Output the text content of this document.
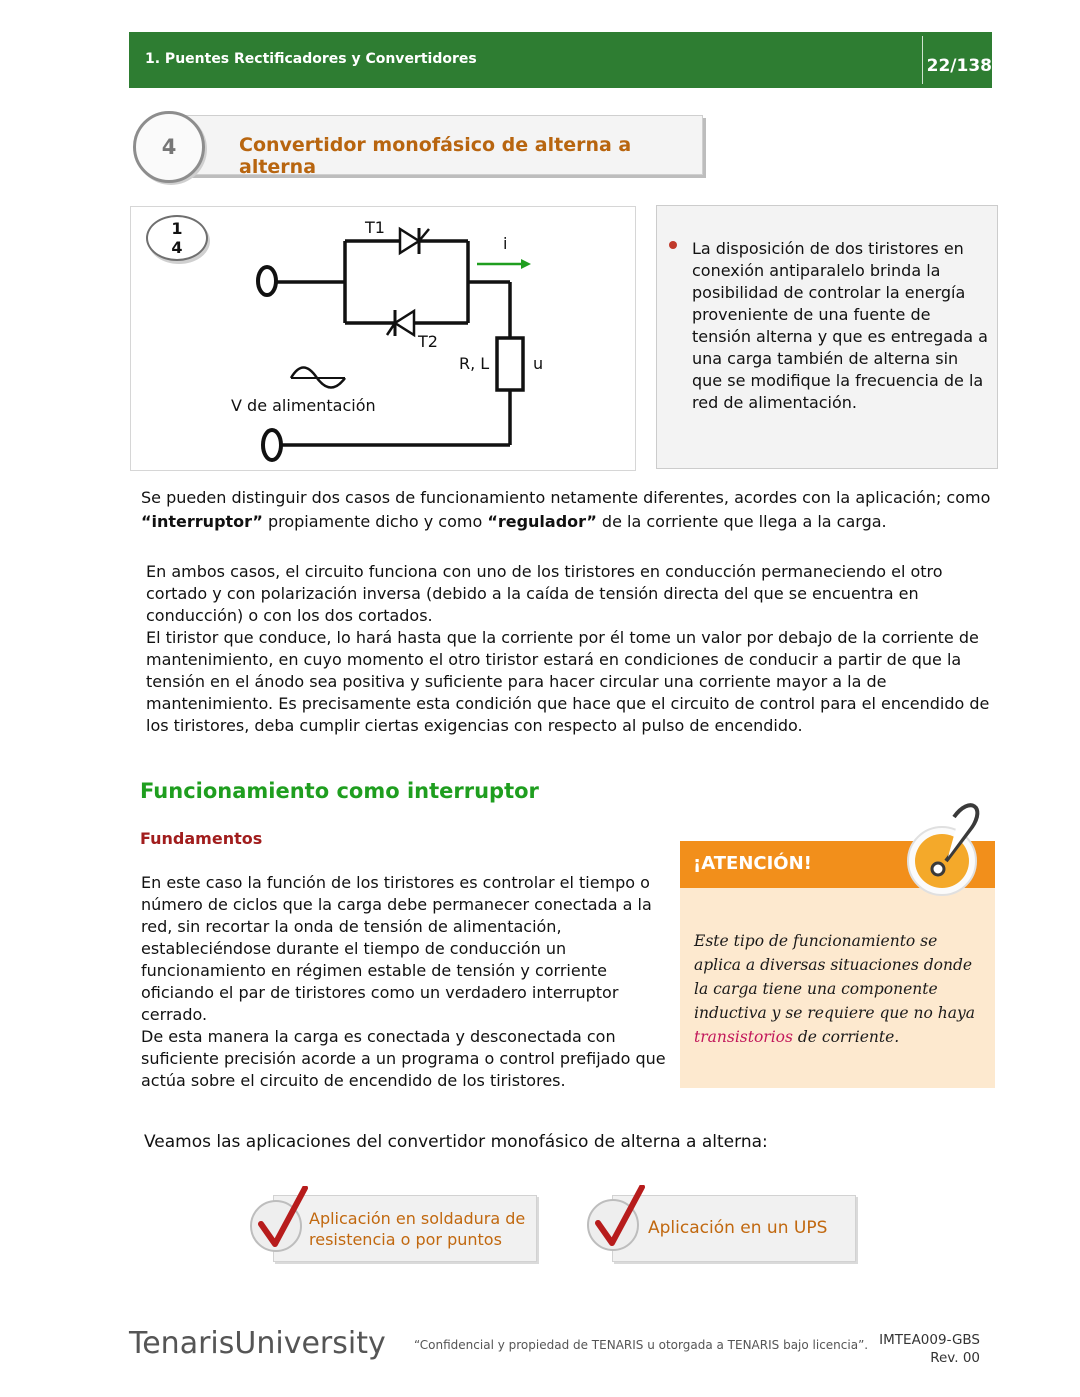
1. Puentes Rectificadores y Convertidores	22/138
Convertidor monofásico de alterna a alterna
4
T1
T2
i
R, L	u
V de alimentación
1
4	La disposición de dos tiristores en conexión antiparalelo brinda la posibilidad de controlar la energía proveniente de una fuente de tensión alterna y que es entregada a una carga también de alterna sin que se modifique la frecuencia de la red de alimentación.
Se pueden distinguir dos casos de funcionamiento netamente diferentes, acordes con la aplicación; como “interruptor” propiamente dicho y como “regulador” de la corriente que llega a la carga.
En ambos casos, el circuito funciona con uno de los tiristores en conducción permaneciendo el otro cortado y con polarización inversa (debido a la caída de tensión directa del que se encuentra en conducción) o con los dos cortados.
El tiristor que conduce, lo hará hasta que la corriente por él tome un valor por debajo de la corriente de mantenimiento, en cuyo momento el otro tiristor estará en condiciones de conducir a partir de que la tensión en el ánodo sea positiva y suficiente para hacer circular una corriente mayor a la de mantenimiento. Es precisamente esta condición que hace que el circuito de control para el encendido de los tiristores, deba cumplir ciertas exigencias con respecto al pulso de encendido.
Funcionamiento como interruptor
Fundamentos
En este caso la función de los tiristores es controlar el tiempo o número de ciclos que la carga debe permanecer conectada a la red, sin recortar la onda de tensión de alimentación, estableciéndose durante el tiempo de conducción un funcionamiento en régimen estable de tensión y corriente oficiando el par de tiristores como un verdadero interruptor cerrado.
De esta manera la carga es conectada y desconectada con suficiente precisión acorde a un programa o control prefijado que actúa sobre el circuito de encendido de los tiristores.
¡ATENCIÓN!
Este tipo de funcionamiento se aplica a diversas situaciones donde la carga tiene una componente inductiva y se requiere que no haya transistorios de corriente.
Veamos las aplicaciones del convertidor monofásico de alterna a alterna:
Aplicación en soldadura de
resistencia o por puntos
Aplicación en un UPS
TenarisUniversity “Confidencial y propiedad de TENARIS u otorgada a TENARIS bajo licencia”. IMTEA009-GBS
Rev. 00
